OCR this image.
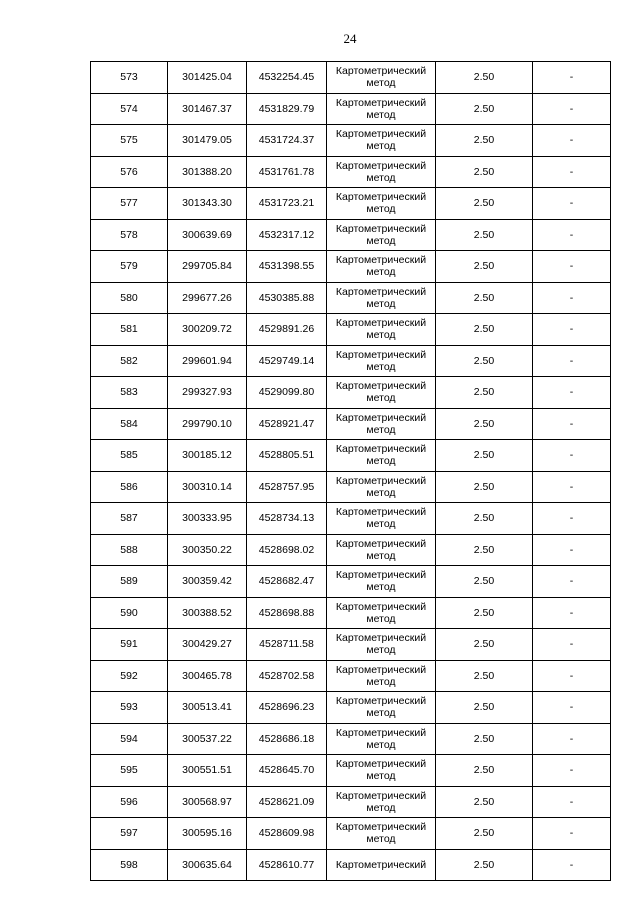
24
573	301425.04	4532254.45	Картометрический метод	2.50	-
574	301467.37	4531829.79	Картометрический метод	2.50	-
575	301479.05	4531724.37	Картометрический метод	2.50	-
576	301388.20	4531761.78	Картометрический метод	2.50	-
577	301343.30	4531723.21	Картометрический метод	2.50	-
578	300639.69	4532317.12	Картометрический метод	2.50	-
579	299705.84	4531398.55	Картометрический метод	2.50	-
580	299677.26	4530385.88	Картометрический метод	2.50	-
581	300209.72	4529891.26	Картометрический метод	2.50	-
582	299601.94	4529749.14	Картометрический метод	2.50	-
583	299327.93	4529099.80	Картометрический метод	2.50	-
584	299790.10	4528921.47	Картометрический метод	2.50	-
585	300185.12	4528805.51	Картометрический метод	2.50	-
586	300310.14	4528757.95	Картометрический метод	2.50	-
587	300333.95	4528734.13	Картометрический метод	2.50	-
588	300350.22	4528698.02	Картометрический метод	2.50	-
589	300359.42	4528682.47	Картометрический метод	2.50	-
590	300388.52	4528698.88	Картометрический метод	2.50	-
591	300429.27	4528711.58	Картометрический метод	2.50	-
592	300465.78	4528702.58	Картометрический метод	2.50	-
593	300513.41	4528696.23	Картометрический метод	2.50	-
594	300537.22	4528686.18	Картометрический метод	2.50	-
595	300551.51	4528645.70	Картометрический метод	2.50	-
596	300568.97	4528621.09	Картометрический метод	2.50	-
597	300595.16	4528609.98	Картометрический метод	2.50	-
598	300635.64	4528610.77	Картометрический	2.50	-
